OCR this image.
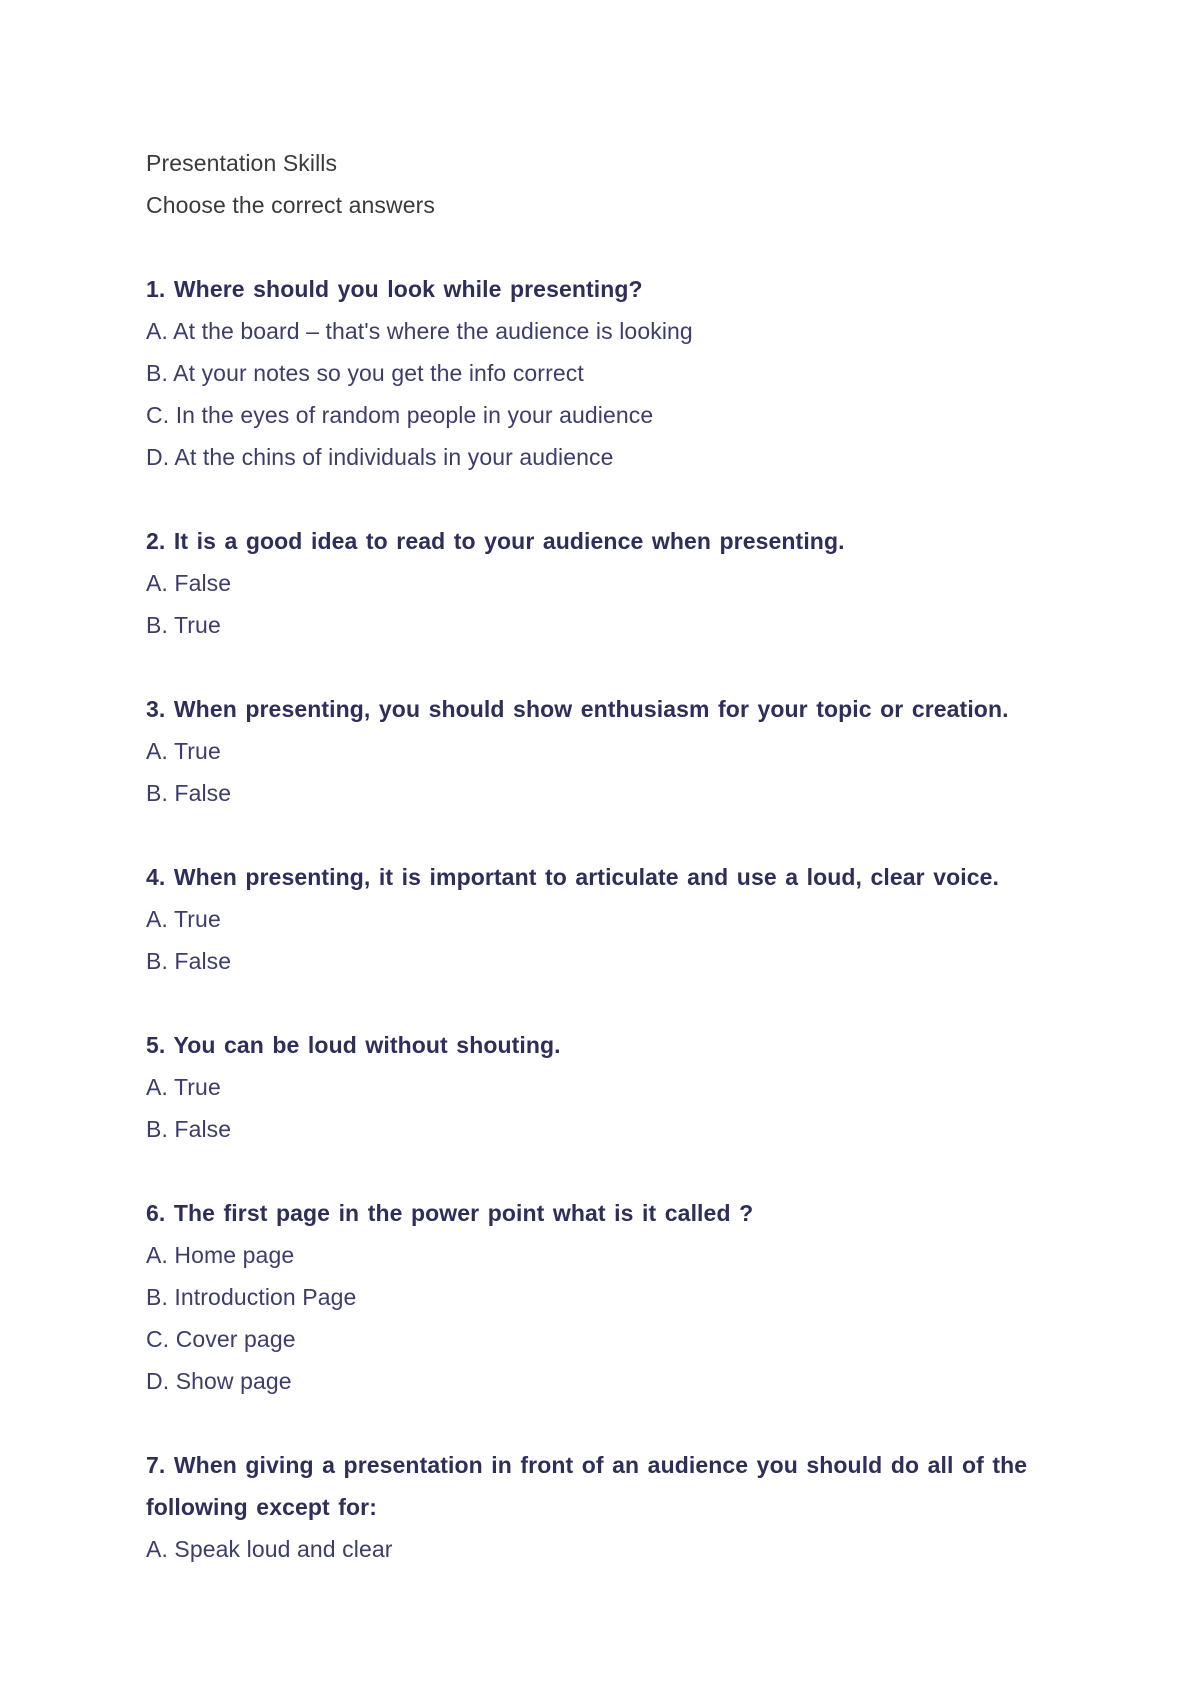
Presentation Skills
Choose the correct answers
1. Where should you look while presenting?
A. At the board – that's where the audience is looking
B. At your notes so you get the info correct
C. In the eyes of random people in your audience
D. At the chins of individuals in your audience
2. It is a good idea to read to your audience when presenting.
A. False
B. True
3. When presenting, you should show enthusiasm for your topic or creation.
A. True
B. False
4. When presenting, it is important to articulate and use a loud, clear voice.
A. True
B. False
5. You can be loud without shouting.
A. True
B. False
6. The first page in the power point what is it called ?
A. Home page
B. Introduction Page
C. Cover page
D. Show page
7. When giving a presentation in front of an audience you should do all of the following except for:
A. Speak loud and clear
